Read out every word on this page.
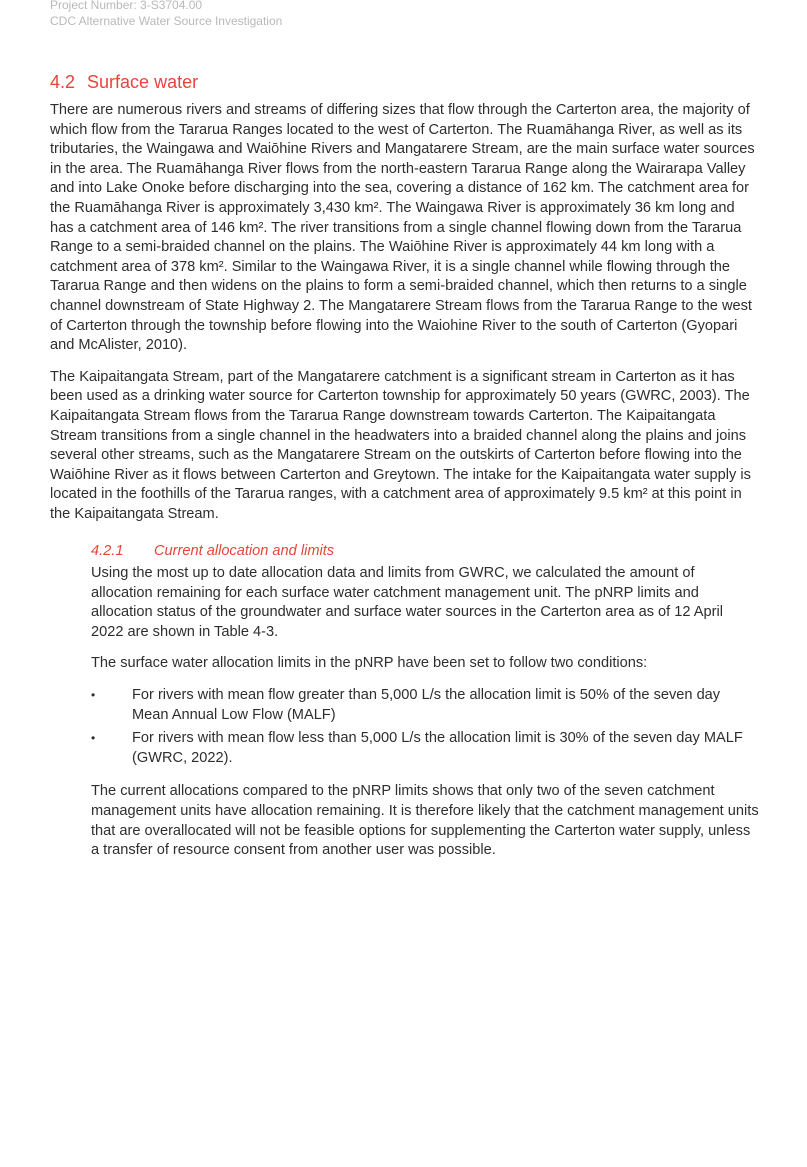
Project Number: 3-S3704.00
CDC Alternative Water Source Investigation
4.2 Surface water

There are numerous rivers and streams of differing sizes that flow through the Carterton area, the majority of which flow from the Tararua Ranges located to the west of Carterton. The Ruamāhanga River, as well as its tributaries, the Waingawa and Waiōhine Rivers and Mangatarere Stream, are the main surface water sources in the area. The Ruamāhanga River flows from the north-eastern Tararua Range along the Wairarapa Valley and into Lake Onoke before discharging into the sea, covering a distance of 162 km. The catchment area for the Ruamāhanga River is approximately 3,430 km². The Waingawa River is approximately 36 km long and has a catchment area of 146 km². The river transitions from a single channel flowing down from the Tararua Range to a semi-braided channel on the plains. The Waiōhine River is approximately 44 km long with a catchment area of 378 km². Similar to the Waingawa River, it is a single channel while flowing through the Tararua Range and then widens on the plains to form a semi-braided channel, which then returns to a single channel downstream of State Highway 2. The Mangatarere Stream flows from the Tararua Range to the west of Carterton through the township before flowing into the Waiohine River to the south of Carterton (Gyopari and McAlister, 2010).

The Kaipaitangata Stream, part of the Mangatarere catchment is a significant stream in Carterton as it has been used as a drinking water source for Carterton township for approximately 50 years (GWRC, 2003). The Kaipaitangata Stream flows from the Tararua Range downstream towards Carterton. The Kaipaitangata Stream transitions from a single channel in the headwaters into a braided channel along the plains and joins several other streams, such as the Mangatarere Stream on the outskirts of Carterton before flowing into the Waiōhine River as it flows between Carterton and Greytown. The intake for the Kaipaitangata water supply is located in the foothills of the Tararua ranges, with a catchment area of approximately 9.5 km² at this point in the Kaipaitangata Stream.

4.2.1 Current allocation and limits

Using the most up to date allocation data and limits from GWRC, we calculated the amount of allocation remaining for each surface water catchment management unit. The pNRP limits and allocation status of the groundwater and surface water sources in the Carterton area as of 12 April 2022 are shown in Table 4-3.

The surface water allocation limits in the pNRP have been set to follow two conditions:

•	For rivers with mean flow greater than 5,000 L/s the allocation limit is 50% of the seven day Mean Annual Low Flow (MALF)
•	For rivers with mean flow less than 5,000 L/s the allocation limit is 30% of the seven day MALF (GWRC, 2022).

The current allocations compared to the pNRP limits shows that only two of the seven catchment management units have allocation remaining. It is therefore likely that the catchment management units that are overallocated will not be feasible options for supplementing the Carterton water supply, unless a transfer of resource consent from another user was possible.
